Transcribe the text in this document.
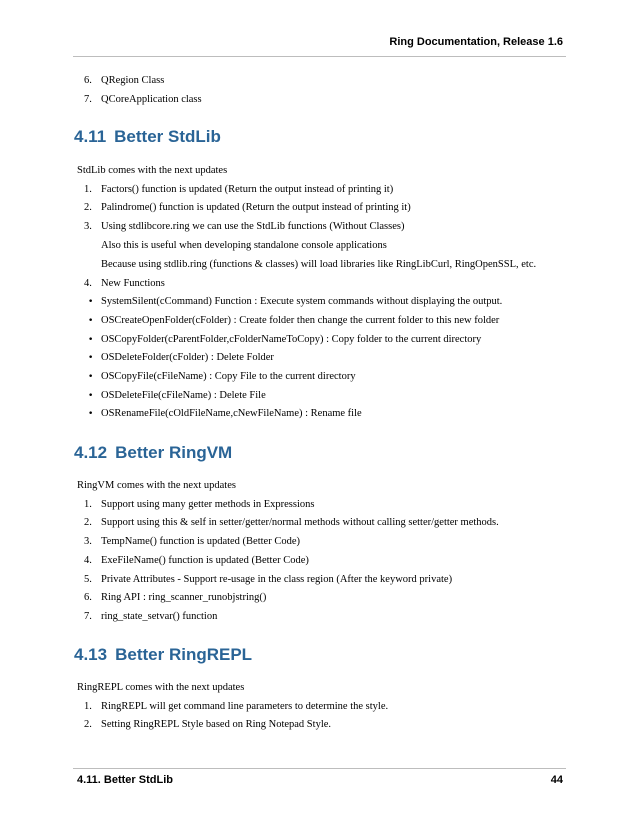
Ring Documentation, Release 1.6
6. QRegion Class
7. QCoreApplication class
4.11 Better StdLib
StdLib comes with the next updates
1. Factors() function is updated (Return the output instead of printing it)
2. Palindrome() function is updated (Return the output instead of printing it)
3. Using stdlibcore.ring we can use the StdLib functions (Without Classes)
Also this is useful when developing standalone console applications
Because using stdlib.ring (functions & classes) will load libraries like RingLibCurl, RingOpenSSL, etc.
4. New Functions
• SystemSilent(cCommand) Function : Execute system commands without displaying the output.
• OSCreateOpenFolder(cFolder) : Create folder then change the current folder to this new folder
• OSCopyFolder(cParentFolder,cFolderNameToCopy) : Copy folder to the current directory
• OSDeleteFolder(cFolder) : Delete Folder
• OSCopyFile(cFileName) : Copy File to the current directory
• OSDeleteFile(cFileName) : Delete File
• OSRenameFile(cOldFileName,cNewFileName) : Rename file
4.12 Better RingVM
RingVM comes with the next updates
1. Support using many getter methods in Expressions
2. Support using this & self in setter/getter/normal methods without calling setter/getter methods.
3. TempName() function is updated (Better Code)
4. ExeFileName() function is updated (Better Code)
5. Private Attributes - Support re-usage in the class region (After the keyword private)
6. Ring API : ring_scanner_runobjstring()
7. ring_state_setvar() function
4.13 Better RingREPL
RingREPL comes with the next updates
1. RingREPL will get command line parameters to determine the style.
2. Setting RingREPL Style based on Ring Notepad Style.
4.11. Better StdLib	44
